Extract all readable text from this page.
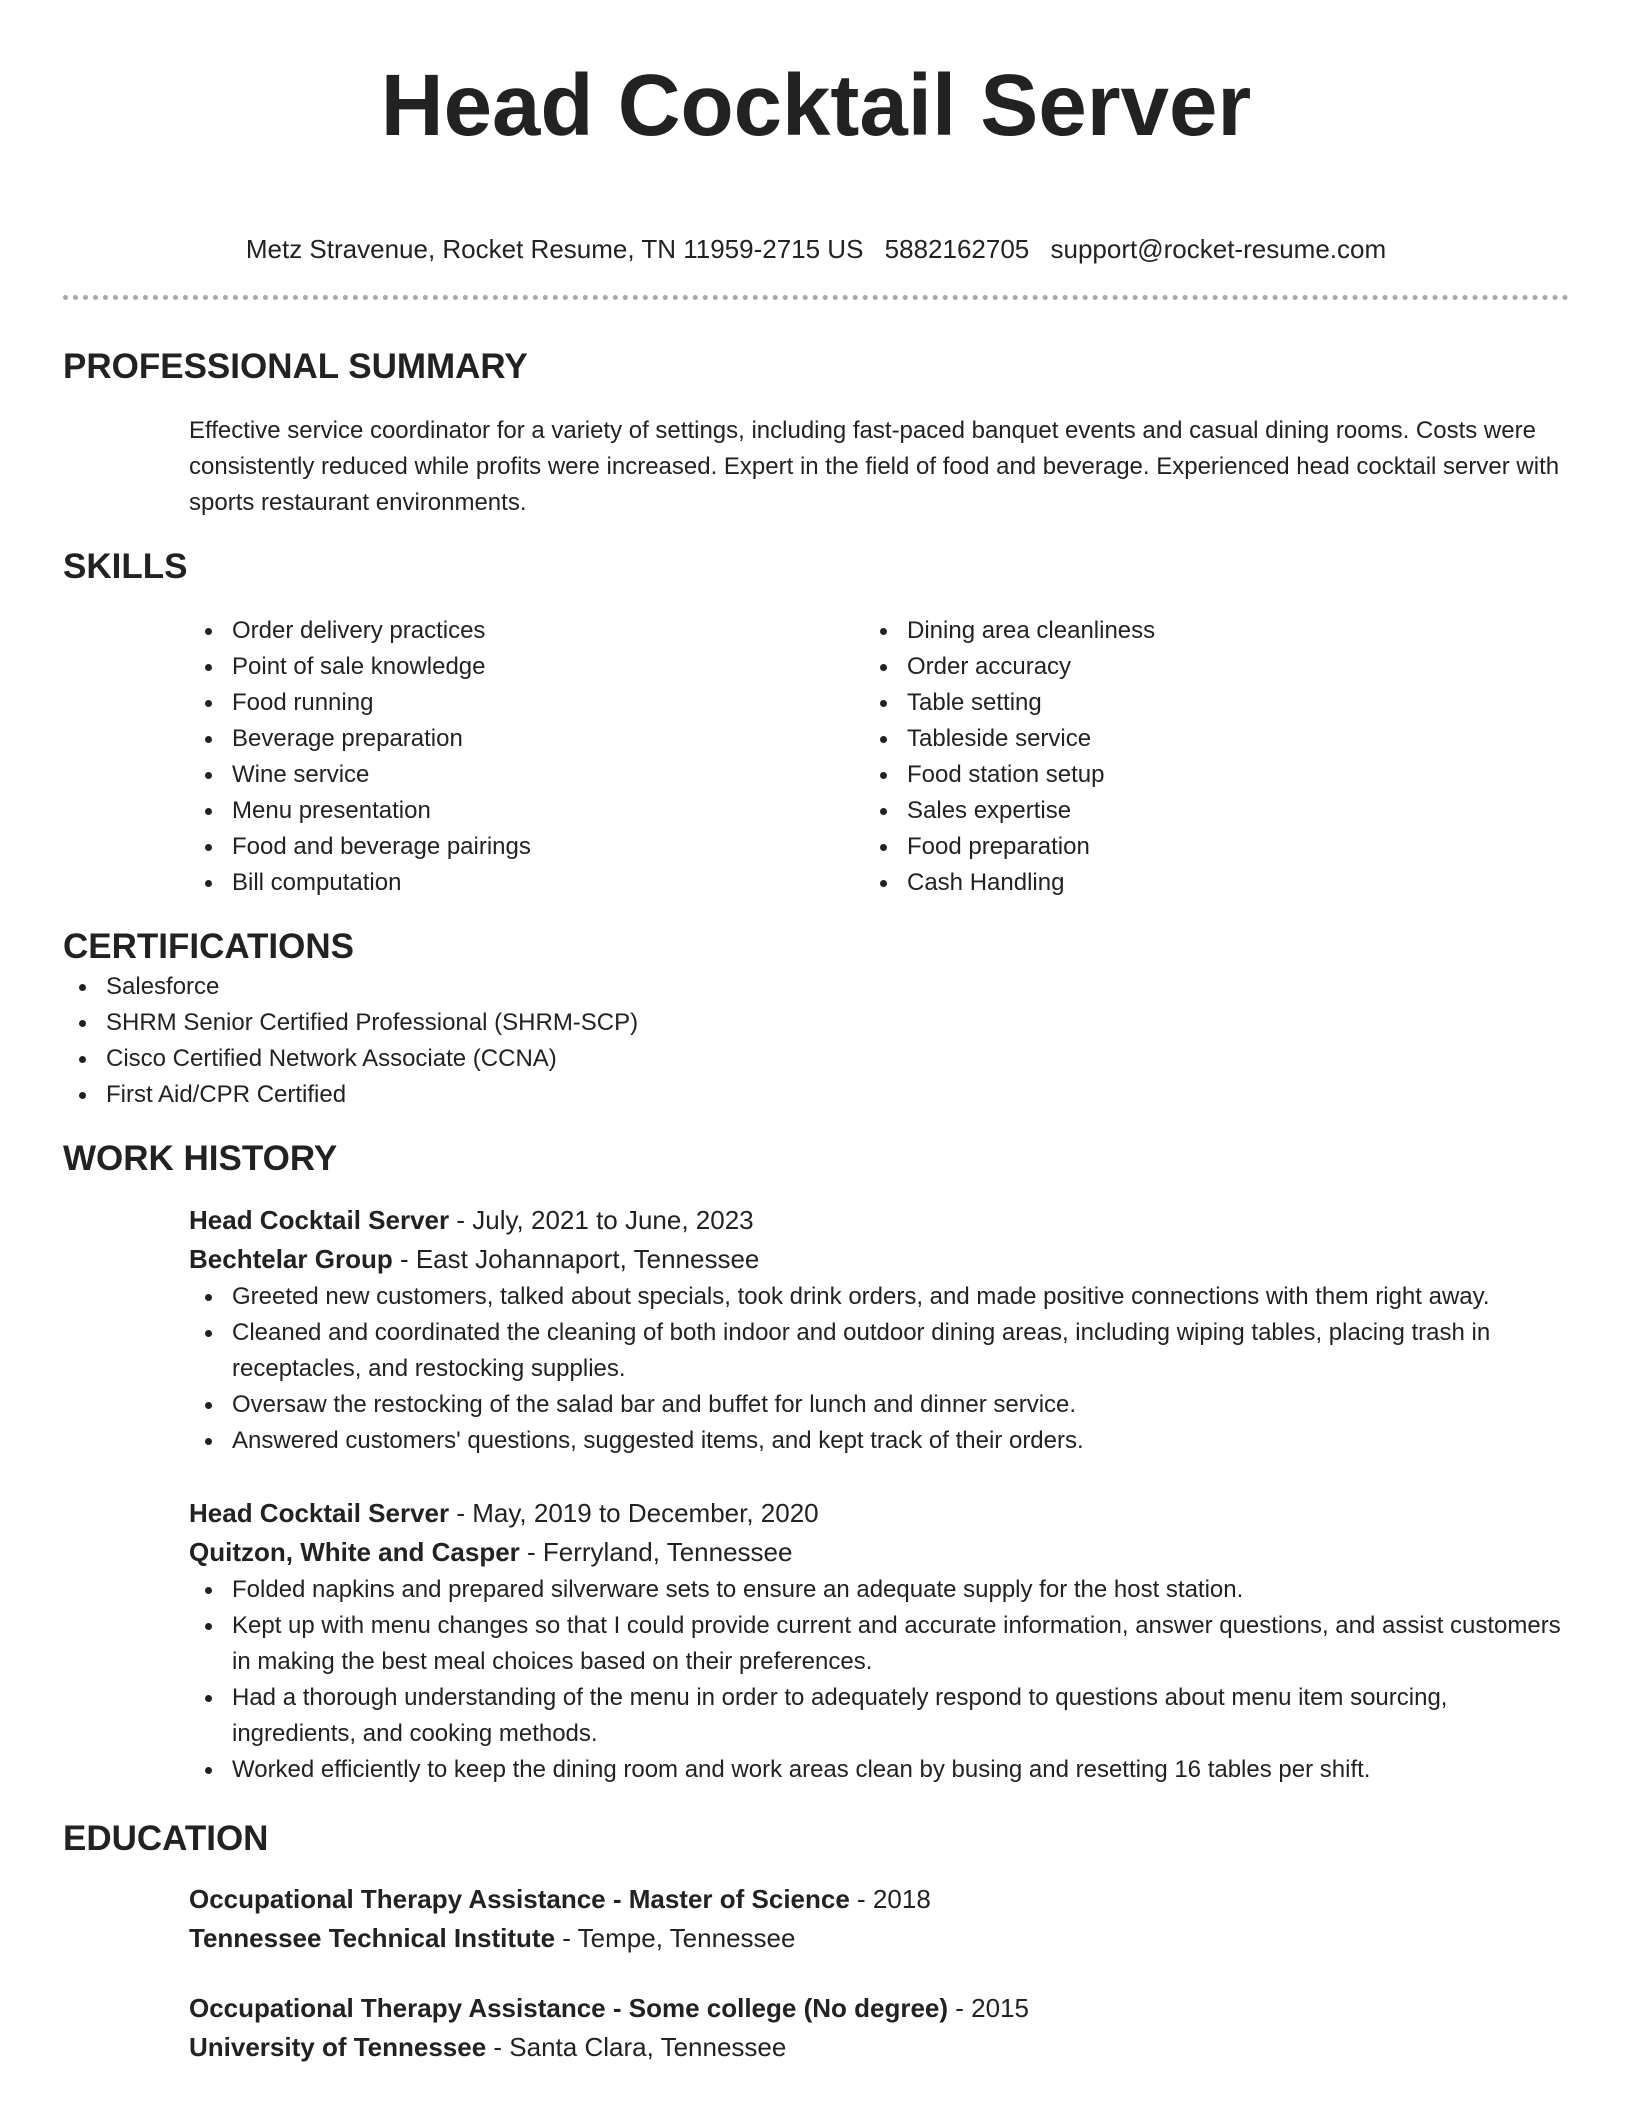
Head Cocktail Server
Metz Stravenue, Rocket Resume, TN 11959-2715 US 5882162705 support@rocket-resume.com
PROFESSIONAL SUMMARY
Effective service coordinator for a variety of settings, including fast-paced banquet events and casual dining rooms. Costs were consistently reduced while profits were increased. Expert in the field of food and beverage. Experienced head cocktail server with sports restaurant environments.
SKILLS
Order delivery practices
Point of sale knowledge
Food running
Beverage preparation
Wine service
Menu presentation
Food and beverage pairings
Bill computation
Dining area cleanliness
Order accuracy
Table setting
Tableside service
Food station setup
Sales expertise
Food preparation
Cash Handling
CERTIFICATIONS
Salesforce
SHRM Senior Certified Professional (SHRM-SCP)
Cisco Certified Network Associate (CCNA)
First Aid/CPR Certified
WORK HISTORY
Head Cocktail Server - July, 2021 to June, 2023
Bechtelar Group - East Johannaport, Tennessee
Greeted new customers, talked about specials, took drink orders, and made positive connections with them right away.
Cleaned and coordinated the cleaning of both indoor and outdoor dining areas, including wiping tables, placing trash in receptacles, and restocking supplies.
Oversaw the restocking of the salad bar and buffet for lunch and dinner service.
Answered customers' questions, suggested items, and kept track of their orders.
Head Cocktail Server - May, 2019 to December, 2020
Quitzon, White and Casper - Ferryland, Tennessee
Folded napkins and prepared silverware sets to ensure an adequate supply for the host station.
Kept up with menu changes so that I could provide current and accurate information, answer questions, and assist customers in making the best meal choices based on their preferences.
Had a thorough understanding of the menu in order to adequately respond to questions about menu item sourcing, ingredients, and cooking methods.
Worked efficiently to keep the dining room and work areas clean by busing and resetting 16 tables per shift.
EDUCATION
Occupational Therapy Assistance - Master of Science - 2018
Tennessee Technical Institute - Tempe, Tennessee
Occupational Therapy Assistance - Some college (No degree) - 2015
University of Tennessee - Santa Clara, Tennessee
